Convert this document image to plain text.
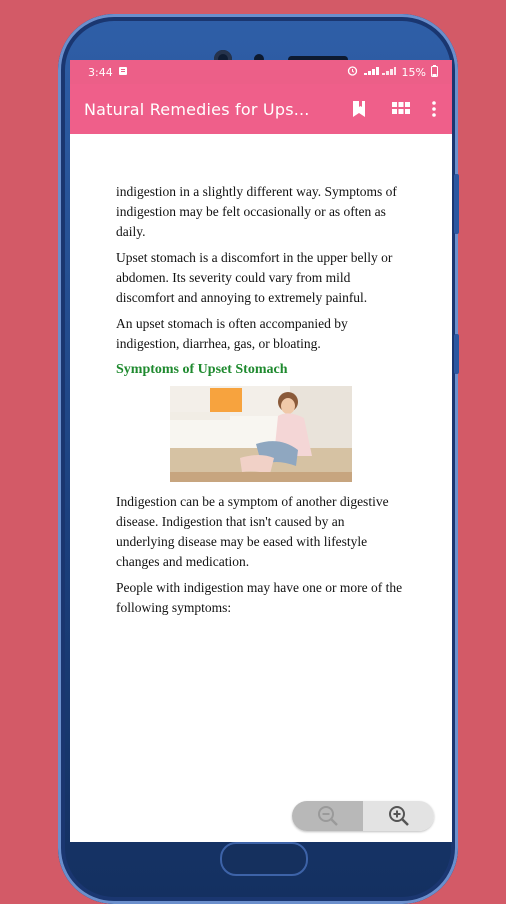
3:44	15%
Natural Remedies for Ups...

indigestion in a slightly different way. Symptoms of indigestion may be felt occasionally or as often as daily.

Upset stomach is a discomfort in the upper belly or abdomen. Its severity could vary from mild discomfort and annoying to extremely painful.

An upset stomach is often accompanied by indigestion, diarrhea, gas, or bloating.

Symptoms of Upset Stomach

Indigestion can be a symptom of another digestive disease. Indigestion that isn't caused by an underlying disease may be eased with lifestyle changes and medication.

People with indigestion may have one or more of the following symptoms:
